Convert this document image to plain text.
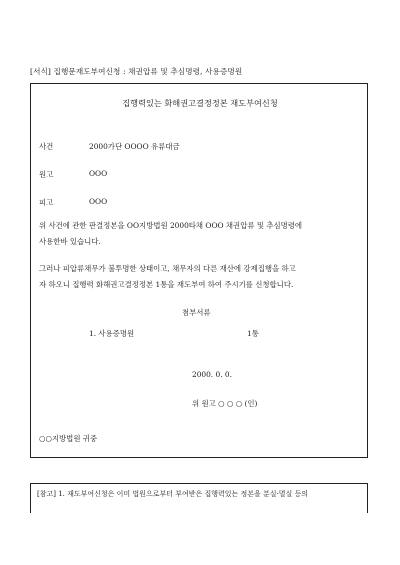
[서식] 집행문재도부여신청 : 채권압류 및 추심명령, 사용증명원
집행력있는 화해권고결정정본 재도부여신청
사건	2000가단 OOOO 유류대금
원고	OOO
피고	OOO
위 사건에 관한 판결정본을 OO지방법원 2000타채 OOO 채권압류 및 추심명령에
사용한바 있습니다.
그러나 피압류채무가 불투명한 상태이고, 채무자의 다른 재산에 강제집행을 하고
자 하오니 집행력 화해권고결정정본 1통을 재도부여 하여 주시기를 신청합니다.
첨부서류
1. 사용증명원	1통
2000. 0. 0.
위 원고 ○ ○ ○ (인)
○○지방법원 귀중
[참고] 1. 재도부여신청은 이미 법원으로부터 부여받은 집행력있는 정본을 분실·멸실 등의
